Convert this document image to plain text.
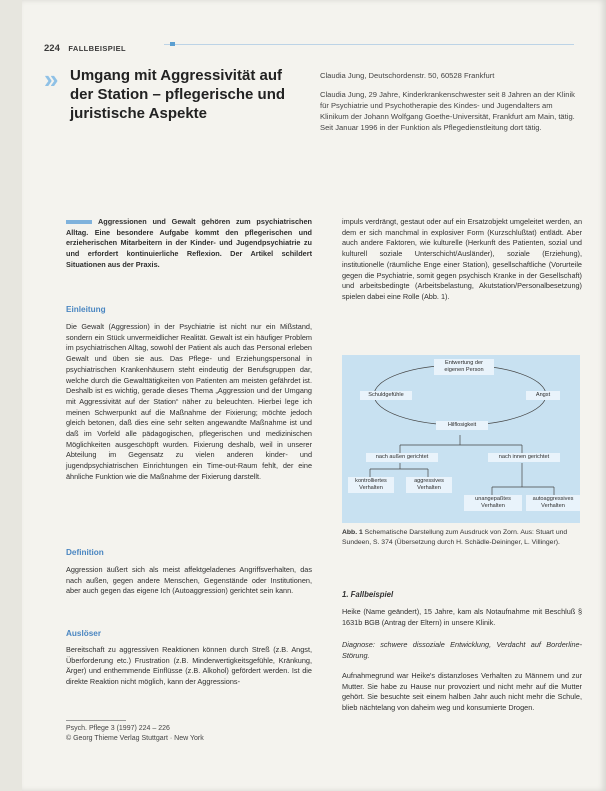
224 FALLBEISPIEL
» Umgang mit Aggressivität auf der Station – pflegerische und juristische Aspekte

Claudia Jung, Deutschordenstr. 50, 60528 Frankfurt

Claudia Jung, 29 Jahre, Kinderkrankenschwester seit 8 Jahren an der Klinik für Psychiatrie und Psychotherapie des Kindes- und Jugendalters am Klinikum der Johann Wolfgang Goethe-Universität, Frankfurt am Main, tätig. Seit Januar 1996 in der Funktion als Pflegedienstleitung dort tätig.

Aggressionen und Gewalt gehören zum psychiatrischen Alltag. Eine besondere Aufgabe kommt den pflegerischen und erzieherischen Mitarbeitern in der Kinder- und Jugendpsychiatrie zu und erfordert kontinuierliche Reflexion. Der Artikel schildert Situationen aus der Praxis.
Einleitung
Die Gewalt (Aggression) in der Psychiatrie ist nicht nur ein Mißstand, sondern ein Stück unvermeidlicher Realität. Gewalt ist ein häufiger Problem im psychiatrischen Alltag, sowohl der Patient als auch das Personal erleben Gewalt und üben sie aus. Das Pflege- und Erziehungspersonal in psychiatrischen Krankenhäusern steht eindeutig der Berufsgruppen dar, welche durch die Gewalttätigkeiten von Patienten am meisten gefährdet ist. Deshalb ist es wichtig, gerade dieses Thema „Aggression und der Umgang mit Aggressivität auf der Station“ näher zu beleuchten. Hierbei lege ich meinen Schwerpunkt auf die Maßnahme der Fixierung; möchte jedoch gleich betonen, daß dies eine sehr selten angewandte Maßnahme ist und daß im Vorfeld alle pädagogischen, pflegerischen und medizinischen Möglichkeiten ausgeschöpft wurden. Fixierung deshalb, weil in unserer Abteilung im Gegensatz zu vielen anderen kinder- und jugendpsychiatrischen Einrichtungen ein Time-out-Raum fehlt, der eine ähnliche Funktion wie die Maßnahme der Fixierung darstellt.
Definition
Aggression äußert sich als meist affektgeladenes Angriffsverhalten, das nach außen, gegen andere Menschen, Gegenstände oder Institutionen, aber auch gegen das eigene Ich (Autoaggression) gerichtet sein kann.
Auslöser
Bereitschaft zu aggressiven Reaktionen können durch Streß (z.B. Angst, Überforderung etc.) Frustration (z.B. Minderwertigkeitsgefühle, Kränkung, Ärger) und enthemmende Einflüsse (z.B. Alkohol) gefördert werden. Ist die direkte Reaktion nicht möglich, kann der Aggressions-
impuls verdrängt, gestaut oder auf ein Ersatzobjekt umgeleitet werden, an dem er sich manchmal in explosiver Form (Kurzschlußtat) entlädt. Aber auch andere Faktoren, wie kulturelle (Herkunft des Patienten, sozial und kulturell soziale Unterschicht/Ausländer), soziale (Erziehung), institutionelle (räumliche Enge einer Station), gesellschaftliche (Vorurteile gegen die Psychiatrie, somit gegen psychisch Kranke in der Gesellschaft) und arbeitsbedingte (Arbeitsbelastung, Akutstation/Personalbesetzung) spielen dabei eine Rolle (Abb. 1).
Entwertung der eigenen Person
Schuldgefühle	Angst
Hilflosigkeit
nach außen gerichtet	nach innen gerichtet
kontrolliertes Verhalten
aggressives Verhalten
unangepaßtes Verhalten
autoaggressives Verhalten
Abb. 1 Schematische Darstellung zum Ausdruck von Zorn. Aus: Stuart und Sundeen, S. 374 (Übersetzung durch H. Schädle-Deininger, L. Villinger).
1. Fallbeispiel
Heike (Name geändert), 15 Jahre, kam als Notaufnahme mit Beschluß § 1631b BGB (Antrag der Eltern) in unsere Klinik.
Diagnose: schwere dissoziale Entwicklung, Verdacht auf Borderline-Störung.
Aufnahmegrund war Heike's distanzloses Verhalten zu Männern und zur Mutter. Sie habe zu Hause nur provoziert und nicht mehr auf die Mutter gehört. Sie besuchte seit einem halben Jahr auch nicht mehr die Schule, blieb nächtelang von daheim weg und konsumierte Drogen.
Psych. Pflege 3 (1997) 224 – 226
© Georg Thieme Verlag Stuttgart · New York
